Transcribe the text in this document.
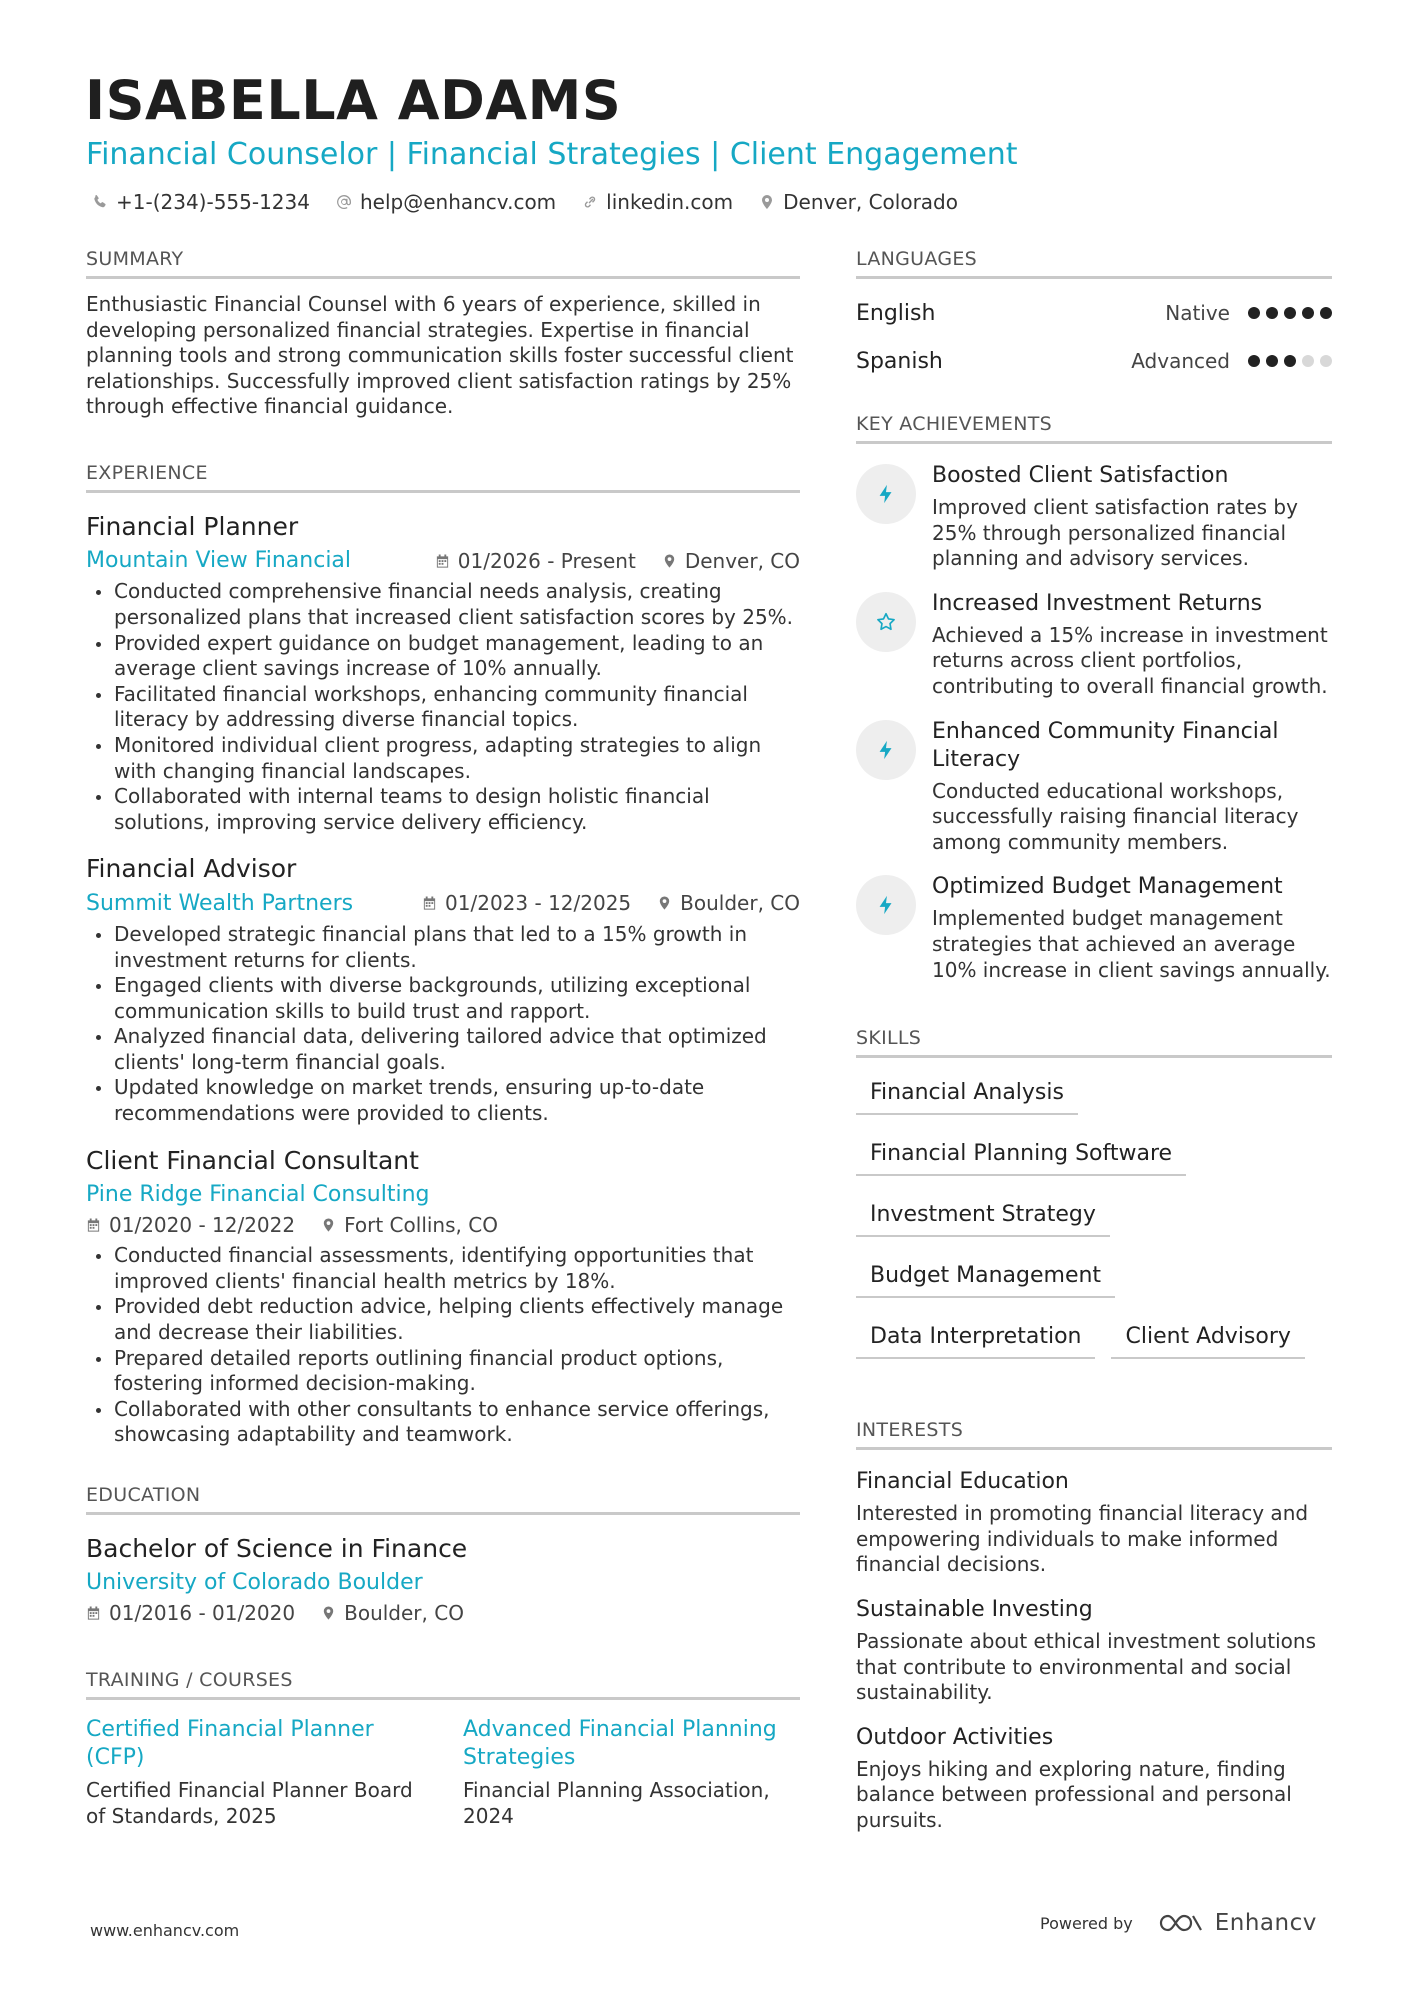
ISABELLA ADAMS
Financial Counselor | Financial Strategies | Client Engagement
+1-(234)-555-1234	help@enhancv.com	linkedin.com	Denver, Colorado
SUMMARY

Enthusiastic Financial Counsel with 6 years of experience, skilled in developing personalized financial strategies. Expertise in financial planning tools and strong communication skills foster successful client relationships. Successfully improved client satisfaction ratings by 25% through effective financial guidance.

EXPERIENCE
Financial Planner
Mountain View Financial	01/2026 - Present Denver, CO
Conducted comprehensive financial needs analysis, creating personalized plans that increased client satisfaction scores by 25%.
Provided expert guidance on budget management, leading to an average client savings increase of 10% annually.
Facilitated financial workshops, enhancing community financial literacy by addressing diverse financial topics.
Monitored individual client progress, adapting strategies to align with changing financial landscapes.
Collaborated with internal teams to design holistic financial solutions, improving service delivery efficiency.
Financial Advisor
Summit Wealth Partners	01/2023 - 12/2025 Boulder, CO
Developed strategic financial plans that led to a 15% growth in investment returns for clients.
Engaged clients with diverse backgrounds, utilizing exceptional communication skills to build trust and rapport.
Analyzed financial data, delivering tailored advice that optimized clients' long-term financial goals.
Updated knowledge on market trends, ensuring up-to-date recommendations were provided to clients.
Client Financial Consultant
Pine Ridge Financial Consulting
01/2020 - 12/2022 Fort Collins, CO
Conducted financial assessments, identifying opportunities that improved clients' financial health metrics by 18%.
Provided debt reduction advice, helping clients effectively manage and decrease their liabilities.
Prepared detailed reports outlining financial product options, fostering informed decision-making.
Collaborated with other consultants to enhance service offerings, showcasing adaptability and teamwork.
EDUCATION
Bachelor of Science in Finance
University of Colorado Boulder
01/2016 - 01/2020 Boulder, CO
TRAINING / COURSES
Certified Financial Planner (CFP)
Certified Financial Planner Board of Standards, 2025
Advanced Financial Planning Strategies
Financial Planning Association, 2024
LANGUAGES
English	Native
Spanish	Advanced
KEY ACHIEVEMENTS
Boosted Client Satisfaction
Improved client satisfaction rates by 25% through personalized financial planning and advisory services.
Increased Investment Returns
Achieved a 15% increase in investment returns across client portfolios, contributing to overall financial growth.
Enhanced Community Financial Literacy
Conducted educational workshops, successfully raising financial literacy among community members.
Optimized Budget Management
Implemented budget management strategies that achieved an average 10% increase in client savings annually.
SKILLS
Financial Analysis
Financial Planning Software
Investment Strategy
Budget Management
Data Interpretation	Client Advisory
INTERESTS
Financial Education
Interested in promoting financial literacy and empowering individuals to make informed financial decisions.
Sustainable Investing
Passionate about ethical investment solutions that contribute to environmental and social sustainability.
Outdoor Activities
Enjoys hiking and exploring nature, finding balance between professional and personal pursuits.
www.enhancv.com	Powered by	Enhancv
